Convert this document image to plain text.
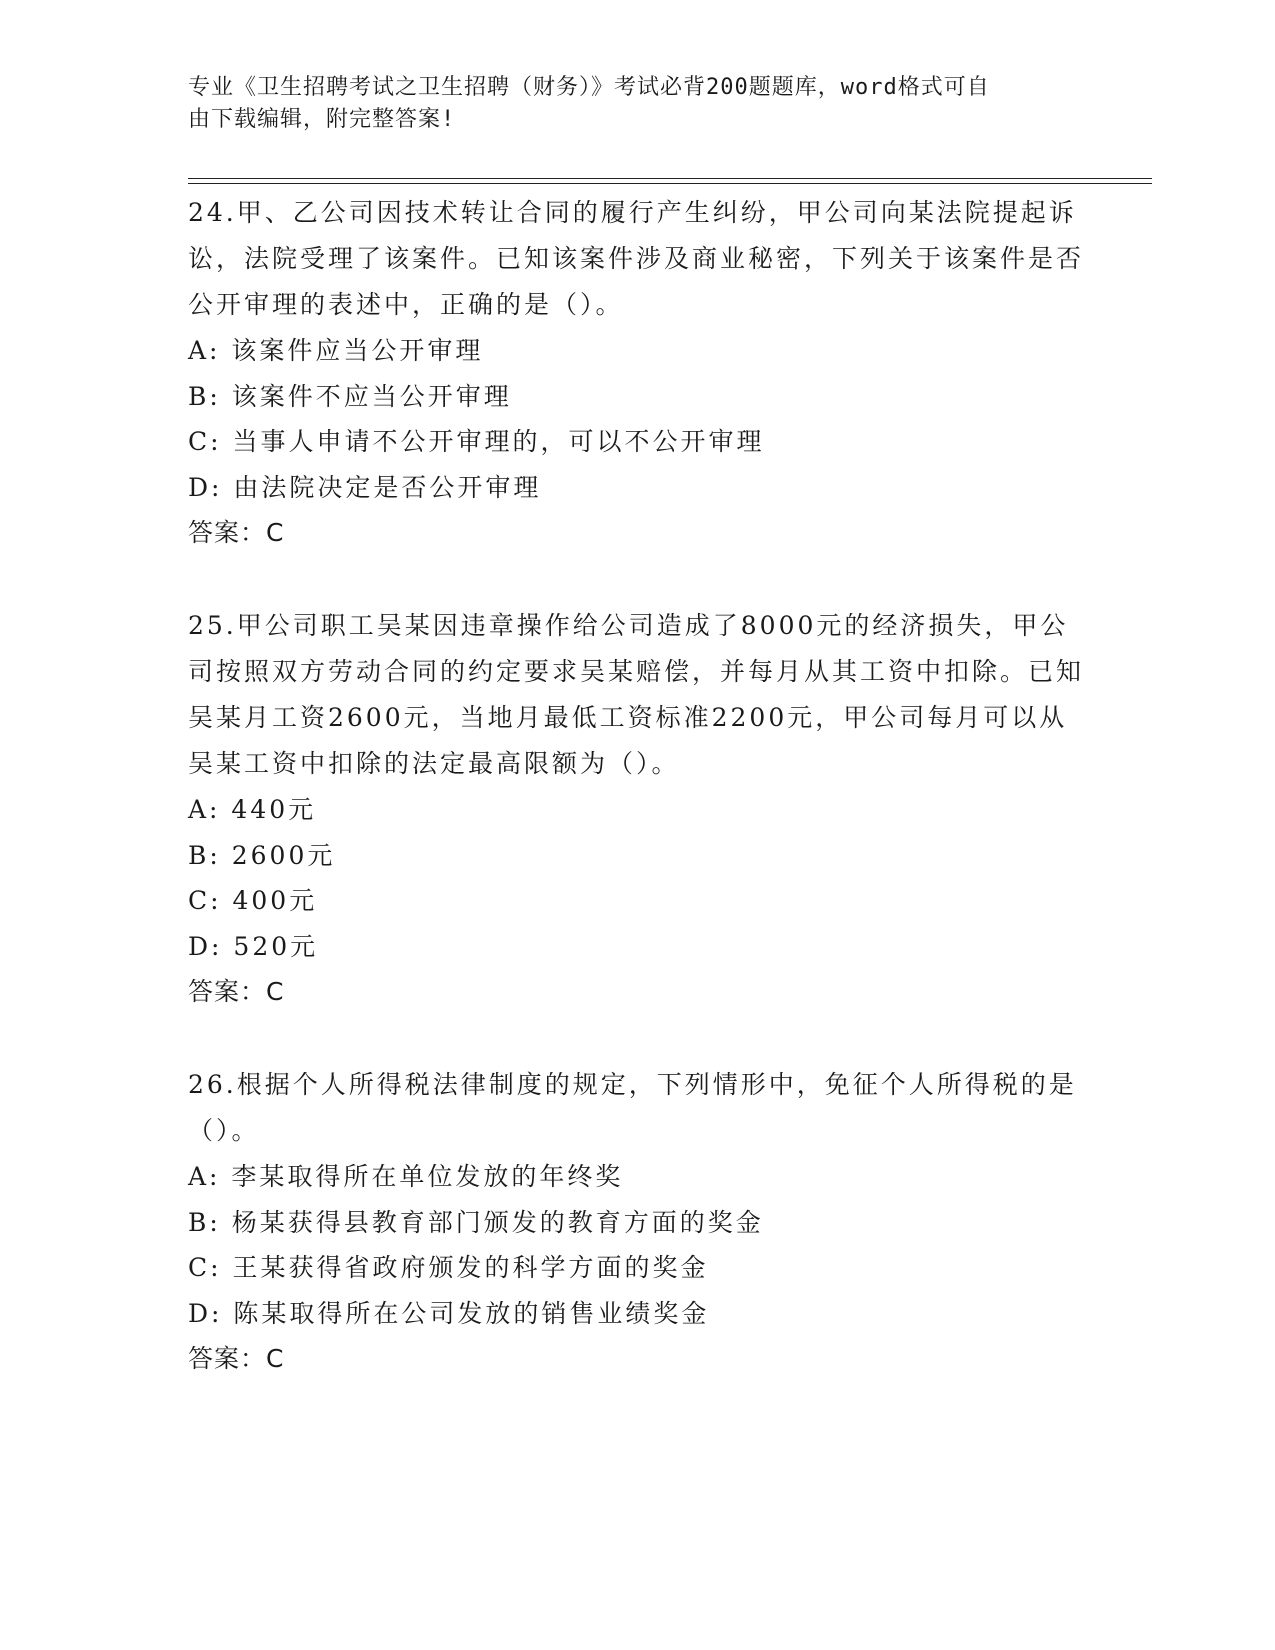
专业《卫生招聘考试之卫生招聘（财务）》考试必背200题题库，word格式可自
由下载编辑，附完整答案!

24.甲、乙公司因技术转让合同的履行产生纠纷，甲公司向某法院提起诉讼，法院受理了该案件。已知该案件涉及商业秘密，下列关于该案件是否公开审理的表述中，正确的是（）。

A: 该案件应当公开审理

B: 该案件不应当公开审理

C: 当事人申请不公开审理的，可以不公开审理

D: 由法院决定是否公开审理

答案：C

25.甲公司职工吴某因违章操作给公司造成了8000元的经济损失，甲公司按照双方劳动合同的约定要求吴某赔偿，并每月从其工资中扣除。已知吴某月工资2600元，当地月最低工资标准2200元，甲公司每月可以从吴某工资中扣除的法定最高限额为（）。

A: 440元

B: 2600元

C: 400元

D: 520元

答案：C

26.根据个人所得税法律制度的规定，下列情形中，免征个人所得税的是（）。

A: 李某取得所在单位发放的年终奖

B: 杨某获得县教育部门颁发的教育方面的奖金

C: 王某获得省政府颁发的科学方面的奖金

D: 陈某取得所在公司发放的销售业绩奖金

答案：C
